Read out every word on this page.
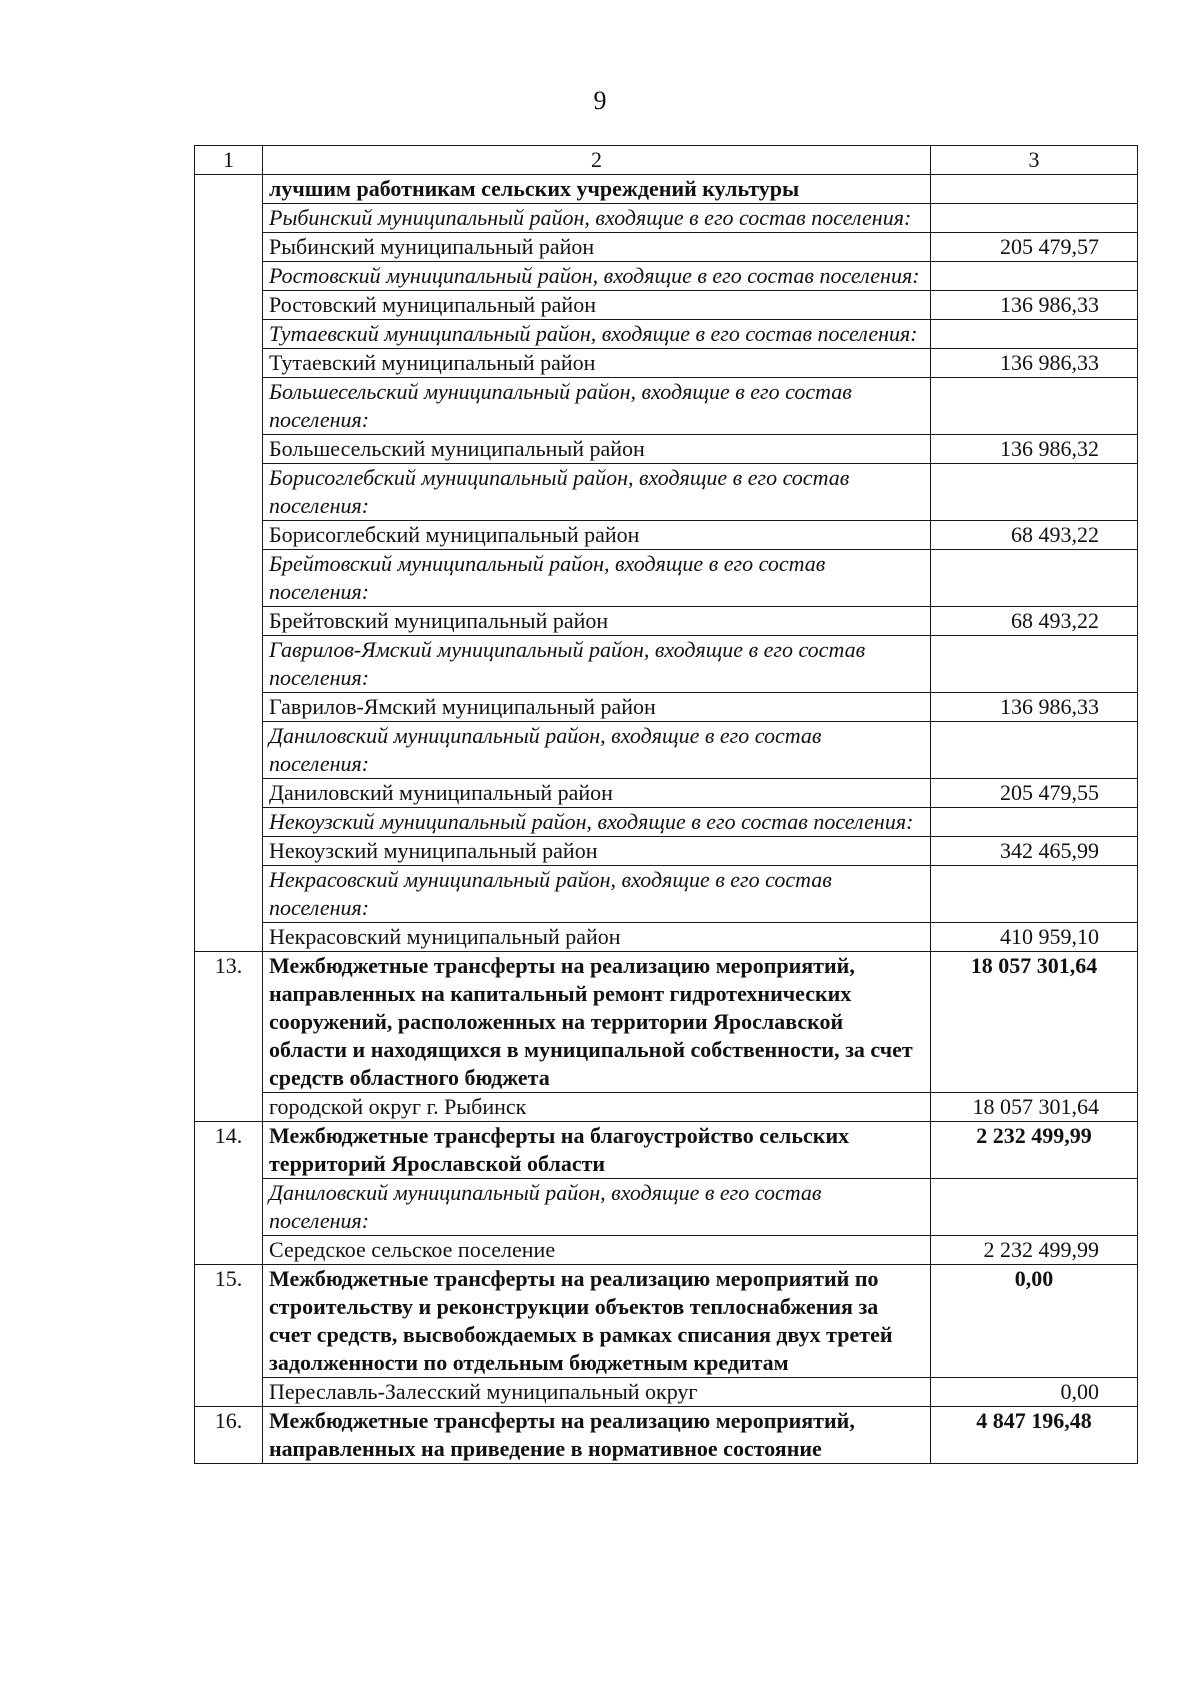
9
1	2	3
	лучшим работникам сельских учреждений культуры	
	Рыбинский муниципальный район, входящие в его состав поселения:	
	Рыбинский муниципальный район	205 479,57
	Ростовский муниципальный район, входящие в его состав поселения:	
	Ростовский муниципальный район	136 986,33
	Тутаевский муниципальный район, входящие в его состав поселения:	
	Тутаевский муниципальный район	136 986,33
	Большесельский муниципальный район, входящие в его состав поселения:	
	Большесельский муниципальный район	136 986,32
	Борисоглебский муниципальный район, входящие в его состав поселения:	
	Борисоглебский муниципальный район	68 493,22
	Брейтовский муниципальный район, входящие в его состав поселения:	
	Брейтовский муниципальный район	68 493,22
	Гаврилов-Ямский муниципальный район, входящие в его состав поселения:	
	Гаврилов-Ямский муниципальный район	136 986,33
	Даниловский муниципальный район, входящие в его состав поселения:	
	Даниловский муниципальный район	205 479,55
	Некоузский муниципальный район, входящие в его состав поселения:	
	Некоузский муниципальный район	342 465,99
	Некрасовский муниципальный район, входящие в его состав поселения:	
	Некрасовский муниципальный район	410 959,10
13.	Межбюджетные трансферты на реализацию мероприятий, направленных на капитальный ремонт гидротехнических сооружений, расположенных на территории Ярославской области и находящихся в муниципальной собственности, за счет средств областного бюджета	18 057 301,64
	городской округ г. Рыбинск	18 057 301,64
14.	Межбюджетные трансферты на благоустройство сельских территорий Ярославской области	2 232 499,99
	Даниловский муниципальный район, входящие в его состав поселения:	
	Середское сельское поселение	2 232 499,99
15.	Межбюджетные трансферты на реализацию мероприятий по строительству и реконструкции объектов теплоснабжения за счет средств, высвобождаемых в рамках списания двух третей задолженности по отдельным бюджетным кредитам	0,00
	Переславль-Залесский муниципальный округ	0,00
16.	Межбюджетные трансферты на реализацию мероприятий, направленных на приведение в нормативное состояние	4 847 196,48
